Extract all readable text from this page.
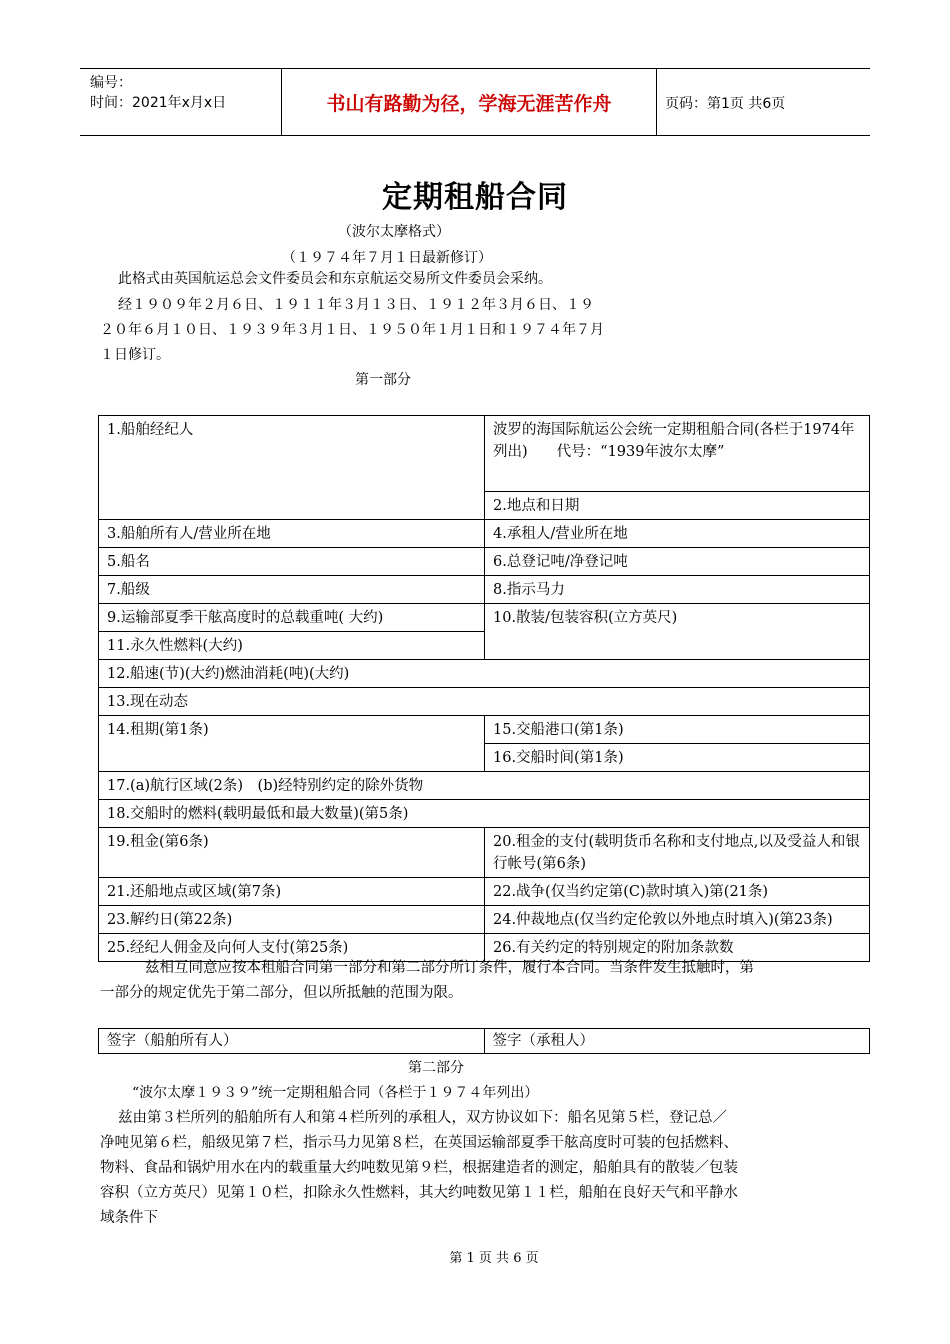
编号：
时间：2021年x月x日	书山有路勤为径，学海无涯苦作舟	页码：第1页 共6页
定期租船合同
（波尔太摩格式）
（１９７４年７月１日最新修订）
此格式由英国航运总会文件委员会和东京航运交易所文件委员会采纳。
经１９０９年２月６日、１９１１年３月１３日、１９１２年３月６日、１９
２０年６月１０日、１９３９年３月１日、１９５０年１月１日和１９７４年７月
１日修订。
第一部分
1.船舶经纪人	波罗的海国际航运公会统一定期租船合同(各栏于1974年列出)　　代号：“1939年波尔太摩”
	2.地点和日期
3.船舶所有人/营业所在地	4.承租人/营业所在地
5.船名	6.总登记吨/净登记吨
7.船级	8.指示马力
9.运输部夏季干舷高度时的总载重吨( 大约)	10.散装/包装容积(立方英尺)
11.永久性燃料(大约)	
12.船速(节)(大约)燃油消耗(吨)(大约)	
13.现在动态	
14.租期(第1条)	15.交船港口(第1条)
	16.交船时间(第1条)
17.(a)航行区域(2条)　(b)经特别约定的除外货物	
18.交船时的燃料(载明最低和最大数量)(第5条)	
19.租金(第6条)	20.租金的支付(载明货币名称和支付地点,以及受益人和银行帐号(第6条)
21.还船地点或区域(第7条)	22.战争(仅当约定第(C)款时填入)第(21条)
23.解约日(第22条)	24.仲裁地点(仅当约定伦敦以外地点时填入)(第23条)
25.经纪人佣金及向何人支付(第25条)	26.有关约定的特别规定的附加条款数
兹相互同意应按本租船合同第一部分和第二部分所订条件，履行本合同。当条件发生抵触时，第
一部分的规定优先于第二部分，但以所抵触的范围为限。
签字（船舶所有人）	签字（承租人）
第二部分
“波尔太摩１９３９”统一定期租船合同（各栏于１９７４年列出）
兹由第３栏所列的船舶所有人和第４栏所列的承租人，双方协议如下：船名见第５栏，登记总／
净吨见第６栏，船级见第７栏，指示马力见第８栏，在英国运输部夏季干舷高度时可装的包括燃料、
物料、食品和锅炉用水在内的载重量大约吨数见第９栏，根据建造者的测定，船舶具有的散装／包装
容积（立方英尺）见第１０栏，扣除永久性燃料，其大约吨数见第１１栏，船舶在良好天气和平静水
域条件下
第 1 页 共 6 页
